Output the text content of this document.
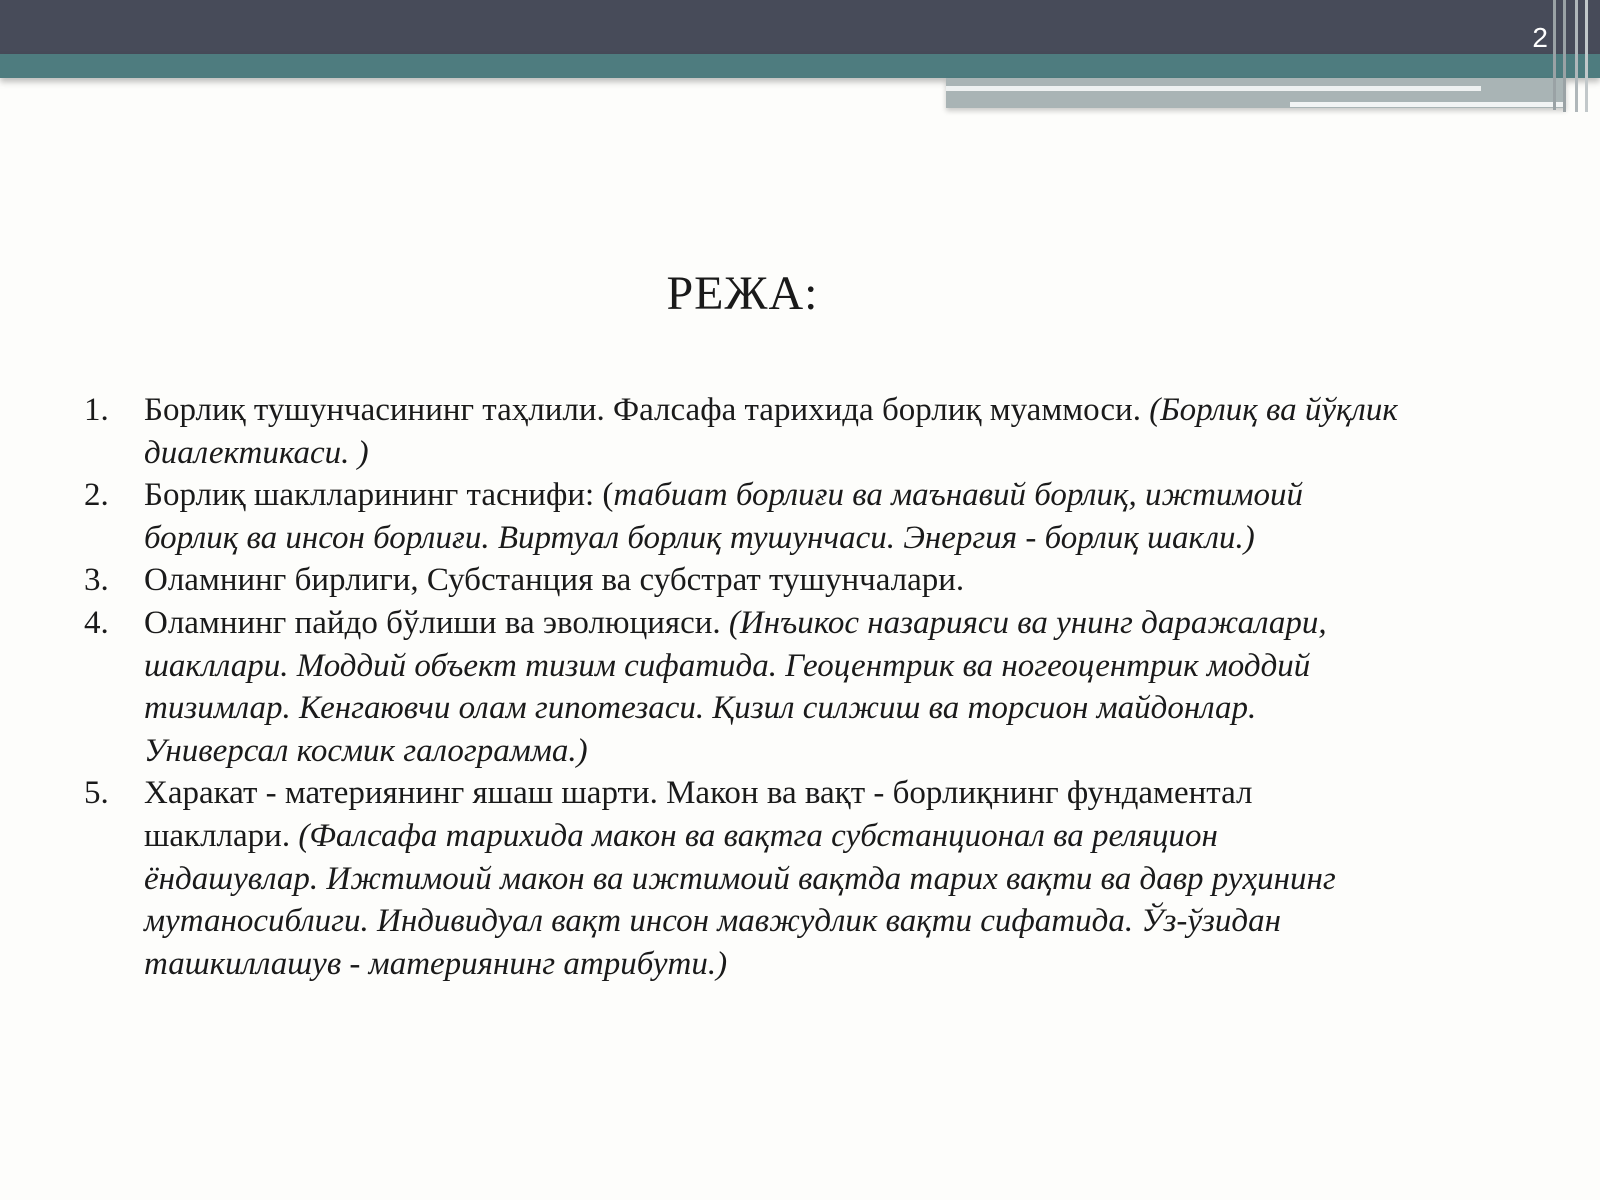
2
РЕЖА:
1. Борлиқ тушунчасининг таҳлили. Фалсафа тарихида борлиқ муаммоси. (Борлиқ ва йўқлик диалектикаси. )
2. Борлиқ шаклларининг таснифи: (табиат борлиғи ва маънавий борлиқ, ижтимоий борлиқ ва инсон борлиғи. Виртуал борлиқ тушунчаси. Энергия - борлиқ шакли.)
3. Оламнинг бирлиги, Субстанция ва субстрат тушунчалари.
4. Оламнинг пайдо бўлиши ва эволюцияси. (Инъикос назарияси ва унинг даражалари, шакллари. Моддий объект тизим сифатида. Геоцентрик ва ногеоцентрик моддий тизимлар. Кенгаювчи олам гипотезаси. Қизил силжиш ва торсион майдонлар. Универсал космик галограмма.)
5. Харакат - материянинг яшаш шарти. Макон ва вақт - борлиқнинг фундаментал шакллари. (Фалсафа тарихида макон ва вақтга субстанционал ва реляцион ёндашувлар. Ижтимоий макон ва ижтимоий вақтда тарих вақти ва давр руҳининг мутаносиблиги. Индивидуал вақт инсон мавжудлик вақти сифатида. Ўз-ўзидан ташкиллашув - материянинг атрибути.)
